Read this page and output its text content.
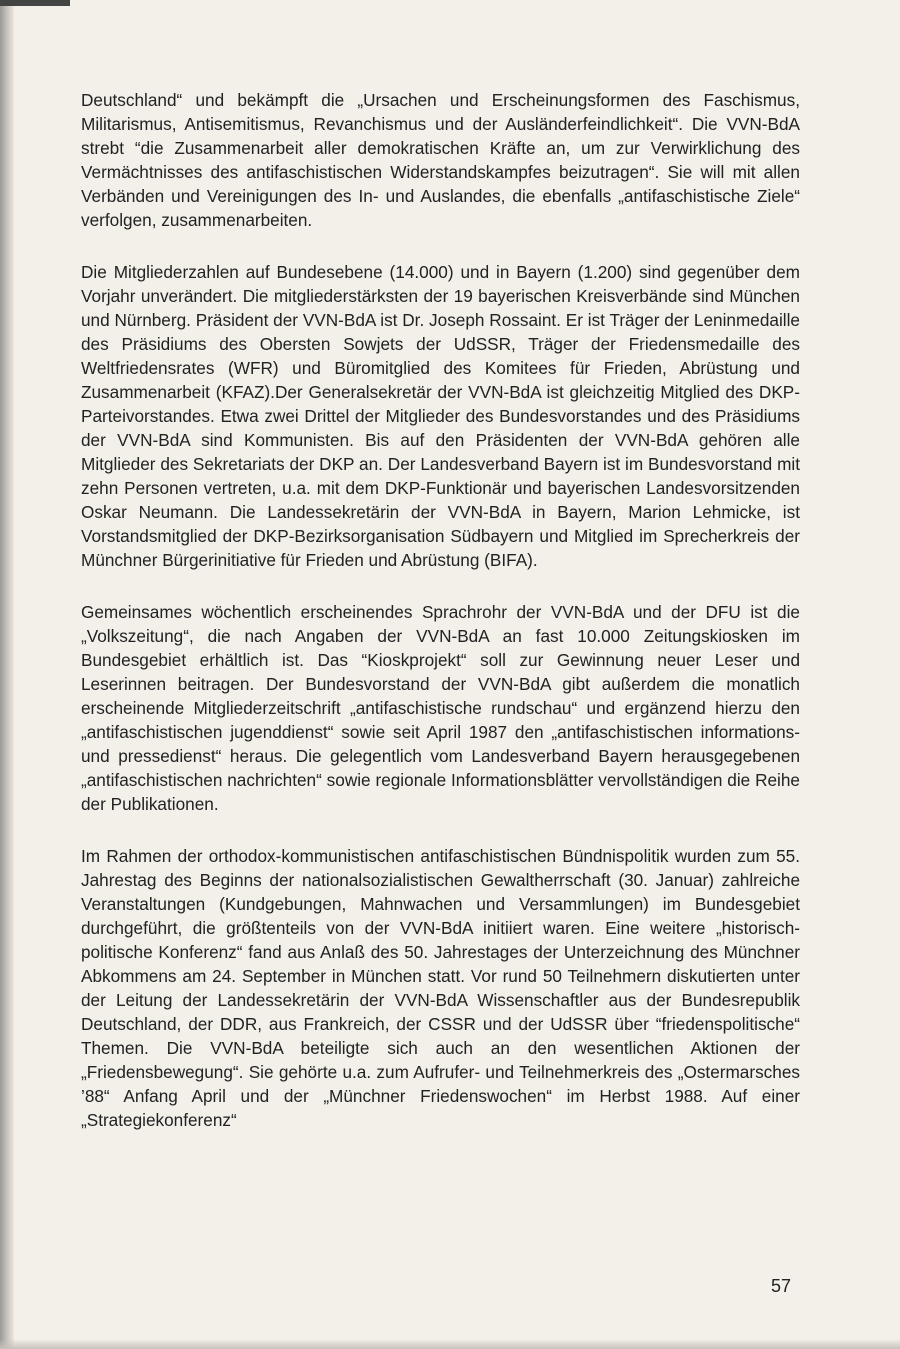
Deutschland“ und bekämpft die „Ursachen und Erscheinungsformen des Faschismus, Militarismus, Antisemitismus, Revanchismus und der Ausländerfeindlichkeit“. Die VVN-BdA strebt “die Zusammenarbeit aller demokratischen Kräfte an, um zur Verwirklichung des Vermächtnisses des antifaschistischen Widerstandskampfes beizutragen“. Sie will mit allen Verbänden und Vereinigungen des In- und Auslandes, die ebenfalls „antifaschistische Ziele“ verfolgen, zusammenarbeiten.

Die Mitgliederzahlen auf Bundesebene (14.000) und in Bayern (1.200) sind gegenüber dem Vorjahr unverändert. Die mitgliederstärksten der 19 bayerischen Kreisverbände sind München und Nürnberg. Präsident der VVN-BdA ist Dr. Joseph Rossaint. Er ist Träger der Leninmedaille des Präsidiums des Obersten Sowjets der UdSSR, Träger der Friedensmedaille des Weltfriedensrates (WFR) und Büromitglied des Komitees für Frieden, Abrüstung und Zusammenarbeit (KFAZ).Der Generalsekretär der VVN-BdA ist gleichzeitig Mitglied des DKP-Parteivorstandes. Etwa zwei Drittel der Mitglieder des Bundesvorstandes und des Präsidiums der VVN-BdA sind Kommunisten. Bis auf den Präsidenten der VVN-BdA gehören alle Mitglieder des Sekretariats der DKP an. Der Landesverband Bayern ist im Bundesvorstand mit zehn Personen vertreten, u.a. mit dem DKP-Funktionär und bayerischen Landesvorsitzenden Oskar Neumann. Die Landessekretärin der VVN-BdA in Bayern, Marion Lehmicke, ist Vorstandsmitglied der DKP-Bezirksorganisation Südbayern und Mitglied im Sprecherkreis der Münchner Bürgerinitiative für Frieden und Abrüstung (BIFA).

Gemeinsames wöchentlich erscheinendes Sprachrohr der VVN-BdA und der DFU ist die „Volkszeitung“, die nach Angaben der VVN-BdA an fast 10.000 Zeitungskiosken im Bundesgebiet erhältlich ist. Das “Kioskprojekt“ soll zur Gewinnung neuer Leser und Leserinnen beitragen. Der Bundesvorstand der VVN-BdA gibt außerdem die monatlich erscheinende Mitgliederzeitschrift „antifaschistische rundschau“ und ergänzend hierzu den „antifaschistischen jugenddienst“ sowie seit April 1987 den „antifaschistischen informations- und pressedienst“ heraus. Die gelegentlich vom Landesverband Bayern herausgegebenen „antifaschistischen nachrichten“ sowie regionale Informationsblätter vervollständigen die Reihe der Publikationen.

Im Rahmen der orthodox-kommunistischen antifaschistischen Bündnispolitik wurden zum 55. Jahrestag des Beginns der nationalsozialistischen Gewaltherrschaft (30. Januar) zahlreiche Veranstaltungen (Kundgebungen, Mahnwachen und Versammlungen) im Bundesgebiet durchgeführt, die größtenteils von der VVN-BdA initiiert waren. Eine weitere „historisch-politische Konferenz“ fand aus Anlaß des 50. Jahrestages der Unterzeichnung des Münchner Abkommens am 24. September in München statt. Vor rund 50 Teilnehmern diskutierten unter der Leitung der Landessekretärin der VVN-BdA Wissenschaftler aus der Bundesrepublik Deutschland, der DDR, aus Frankreich, der CSSR und der UdSSR über “friedenspolitische“ Themen. Die VVN-BdA beteiligte sich auch an den wesentlichen Aktionen der „Friedensbewegung“. Sie gehörte u.a. zum Aufrufer- und Teilnehmerkreis des „Ostermarsches ’88“ Anfang April und der „Münchner Friedenswochen“ im Herbst 1988. Auf einer „Strategiekonferenz“

57
